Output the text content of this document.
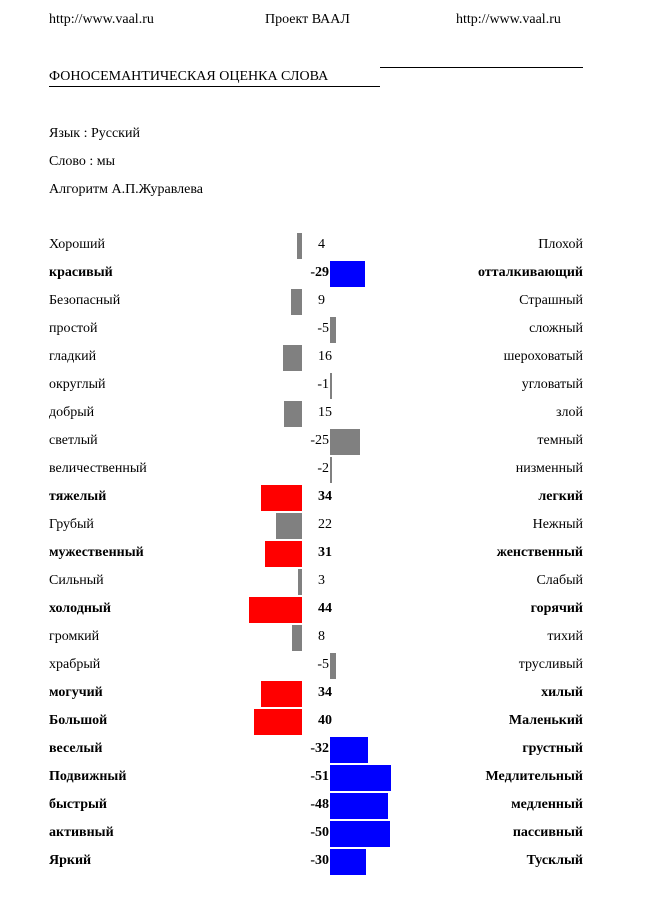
http://www.vaal.ru	Проект ВААЛ	http://www.vaal.ru
ФОНОСЕМАНТИЧЕСКАЯ ОЦЕНКА СЛОВА
Язык : Русский
Слово : мы
Алгоритм А.П.Журавлева
Хороший	4	Плохой
красивый	-29	отталкивающий
Безопасный	9	Страшный
простой	-5	сложный
гладкий	16	шероховатый
округлый	-1	угловатый
добрый	15	злой
светлый	-25	темный
величественный	-2	низменный
тяжелый	34	легкий
Грубый	22	Нежный
мужественный	31	женственный
Сильный	3	Слабый
холодный	44	горячий
громкий	8	тихий
храбрый	-5	трусливый
могучий	34	хилый
Большой	40	Маленький
веселый	-32	грустный
Подвижный	-51	Медлительный
быстрый	-48	медленный
активный	-50	пассивный
Яркий	-30	Тусклый
